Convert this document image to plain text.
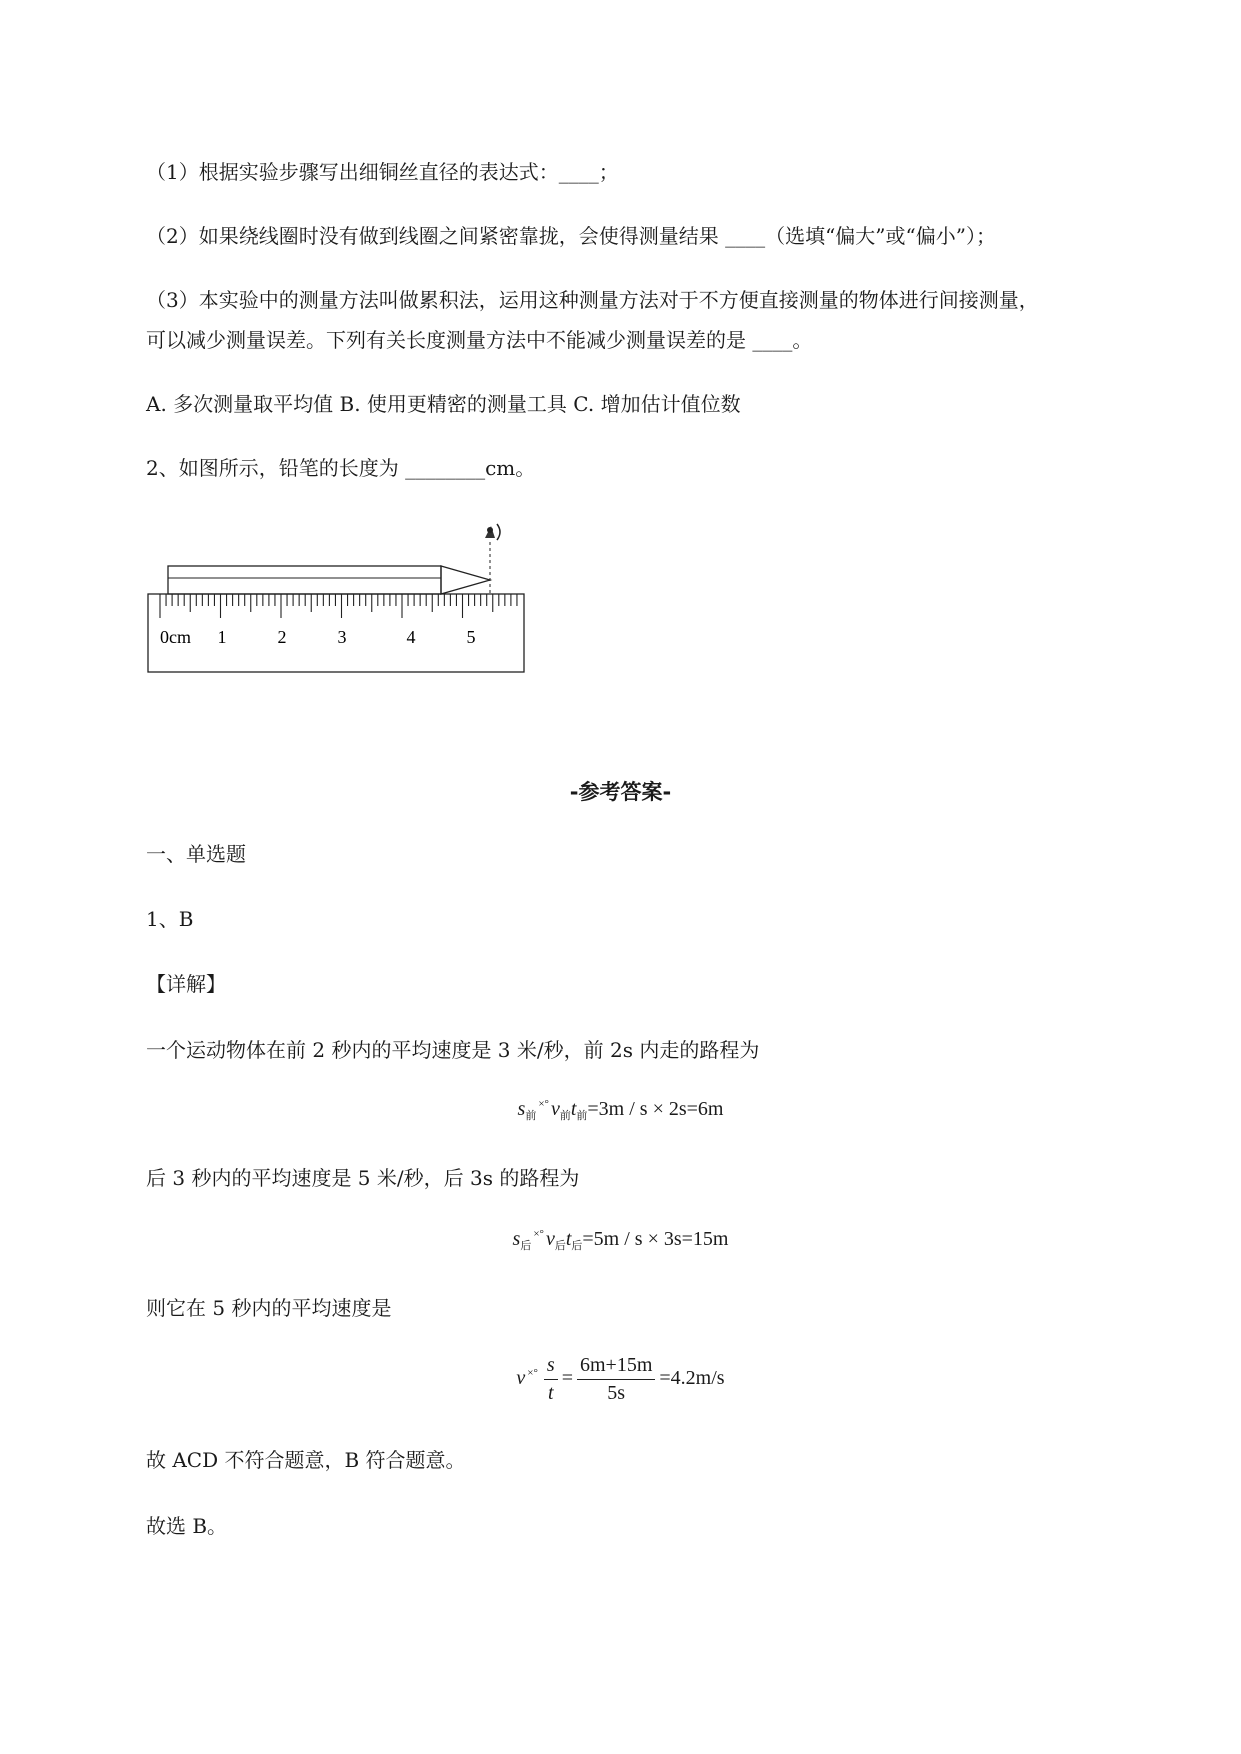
（1）根据实验步骤写出细铜丝直径的表达式：____；
（2）如果绕线圈时没有做到线圈之间紧密靠拢，会使得测量结果 ____（选填“偏大”或“偏小”）；
（3）本实验中的测量方法叫做累积法，运用这种测量方法对于不方便直接测量的物体进行间接测量，
可以减少测量误差。下列有关长度测量方法中不能减少测量误差的是 ____。
A. 多次测量取平均值 B. 使用更精密的测量工具 C. 增加估计值位数
2、如图所示，铅笔的长度为 ________cm。
0cm 1	2	3	4	5
-参考答案-
一、单选题
1、B
【详解】
一个运动物体在前 2 秒内的平均速度是 3 米/秒，前 2s 内走的路程为
$s_前^{\times^\circ}$ $v_前t_前=3m / s \times 2s=6m$
后 3 秒内的平均速度是 5 米/秒，后 3s 的路程为
$s_后^{\times^\circ}$ $v_后t_后=5m / s \times 3s=15m$
则它在 5 秒内的平均速度是
v $^{\times^\circ} \frac{s}{t} = \frac{6m+15m}{5s} =4.2m/s$
故 ACD 不符合题意，B 符合题意。
故选 B。
